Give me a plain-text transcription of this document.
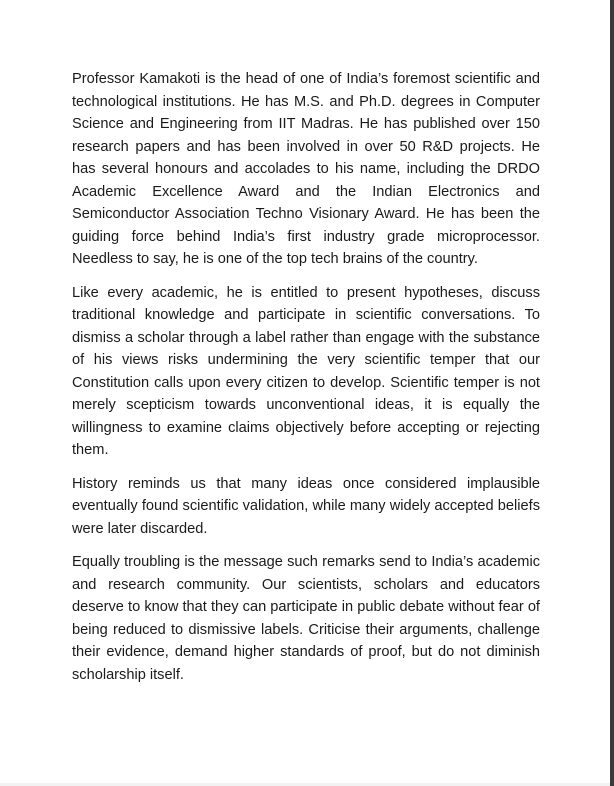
Professor Kamakoti is the head of one of India’s foremost scientific and technological institutions. He has M.S. and Ph.D. degrees in Computer Science and Engineering from IIT Madras. He has published over 150 research papers and has been involved in over 50 R&D projects. He has several honours and accolades to his name, including the DRDO Academic Excellence Award and the Indian Electronics and Semiconductor Association Techno Visionary Award. He has been the guiding force behind India’s first industry grade microprocessor. Needless to say, he is one of the top tech brains of the country.

Like every academic, he is entitled to present hypotheses, discuss traditional knowledge and participate in scientific conversations. To dismiss a scholar through a label rather than engage with the substance of his views risks undermining the very scientific temper that our Constitution calls upon every citizen to develop. Scientific temper is not merely scepticism towards unconventional ideas, it is equally the willingness to examine claims objectively before accepting or rejecting them.

History reminds us that many ideas once considered implausible eventually found scientific validation, while many widely accepted beliefs were later discarded.

Equally troubling is the message such remarks send to India’s academic and research community. Our scientists, scholars and educators deserve to know that they can participate in public debate without fear of being reduced to dismissive labels. Criticise their arguments, challenge their evidence, demand higher standards of proof, but do not diminish scholarship itself.
